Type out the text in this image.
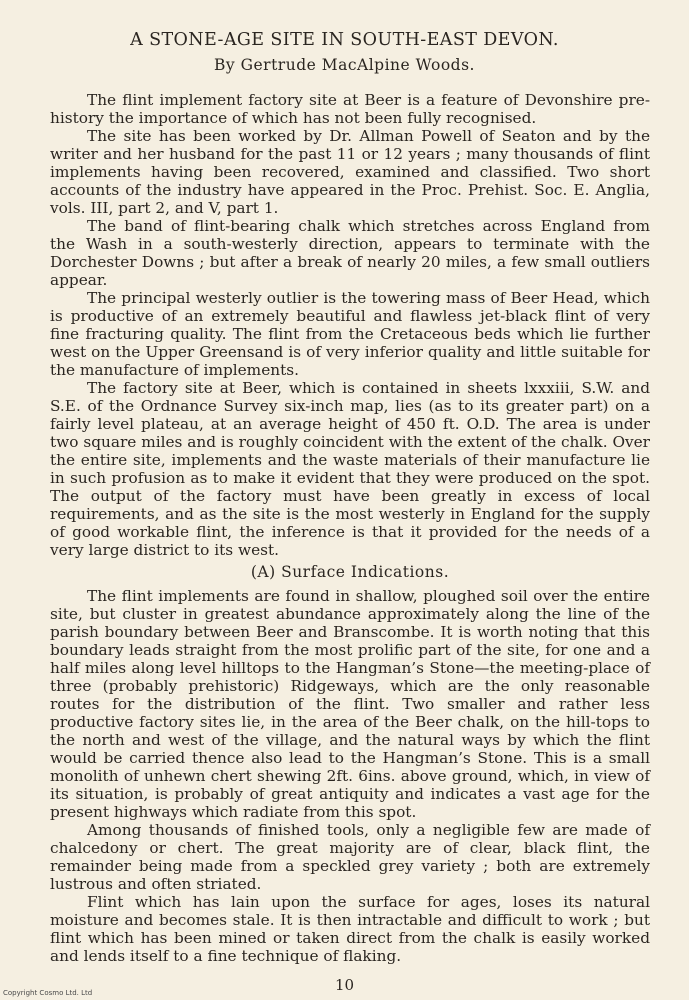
A STONE-AGE SITE IN SOUTH-EAST DEVON.
By Gertrude MacAlpine Woods.

The flint implement factory site at Beer is a feature of Devonshire pre-history the importance of which has not been fully recognised.

The site has been worked by Dr. Allman Powell of Seaton and by the writer and her husband for the past 11 or 12 years ; many thousands of flint implements having been recovered, examined and classified. Two short accounts of the industry have appeared in the Proc. Prehist. Soc. E. Anglia, vols. III, part 2, and V, part 1.

The band of flint-bearing chalk which stretches across England from the Wash in a south-westerly direction, appears to terminate with the Dorchester Downs ; but after a break of nearly 20 miles, a few small outliers appear.

The principal westerly outlier is the towering mass of Beer Head, which is productive of an extremely beautiful and flawless jet-black flint of very fine fracturing quality. The flint from the Cretaceous beds which lie further west on the Upper Greensand is of very inferior quality and little suitable for the manufacture of implements.

The factory site at Beer, which is contained in sheets lxxxiii, S.W. and S.E. of the Ordnance Survey six-inch map, lies (as to its greater part) on a fairly level plateau, at an average height of 450 ft. O.D. The area is under two square miles and is roughly coincident with the extent of the chalk. Over the entire site, implements and the waste materials of their manufacture lie in such profusion as to make it evident that they were produced on the spot. The output of the factory must have been greatly in excess of local requirements, and as the site is the most westerly in England for the supply of good workable flint, the inference is that it provided for the needs of a very large district to its west.

(A) Surface Indications.

The flint implements are found in shallow, ploughed soil over the entire site, but cluster in greatest abundance approximately along the line of the parish boundary between Beer and Branscombe. It is worth noting that this boundary leads straight from the most prolific part of the site, for one and a half miles along level hilltops to the Hangman’s Stone—the meeting-place of three (probably prehistoric) Ridgeways, which are the only reasonable routes for the distribution of the flint. Two smaller and rather less productive factory sites lie, in the area of the Beer chalk, on the hill-tops to the north and west of the village, and the natural ways by which the flint would be carried thence also lead to the Hangman’s Stone. This is a small monolith of unhewn chert shewing 2ft. 6ins. above ground, which, in view of its situation, is probably of great antiquity and indicates a vast age for the present highways which radiate from this spot.

Among thousands of finished tools, only a negligible few are made of chalcedony or chert. The great majority are of clear, black flint, the remainder being made from a speckled grey variety ; both are extremely lustrous and often striated.

Flint which has lain upon the surface for ages, loses its natural moisture and becomes stale. It is then intractable and difficult to work ; but flint which has been mined or taken direct from the chalk is easily worked and lends itself to a fine technique of flaking.

10
Copyright Cosmo Ltd. Ltd
